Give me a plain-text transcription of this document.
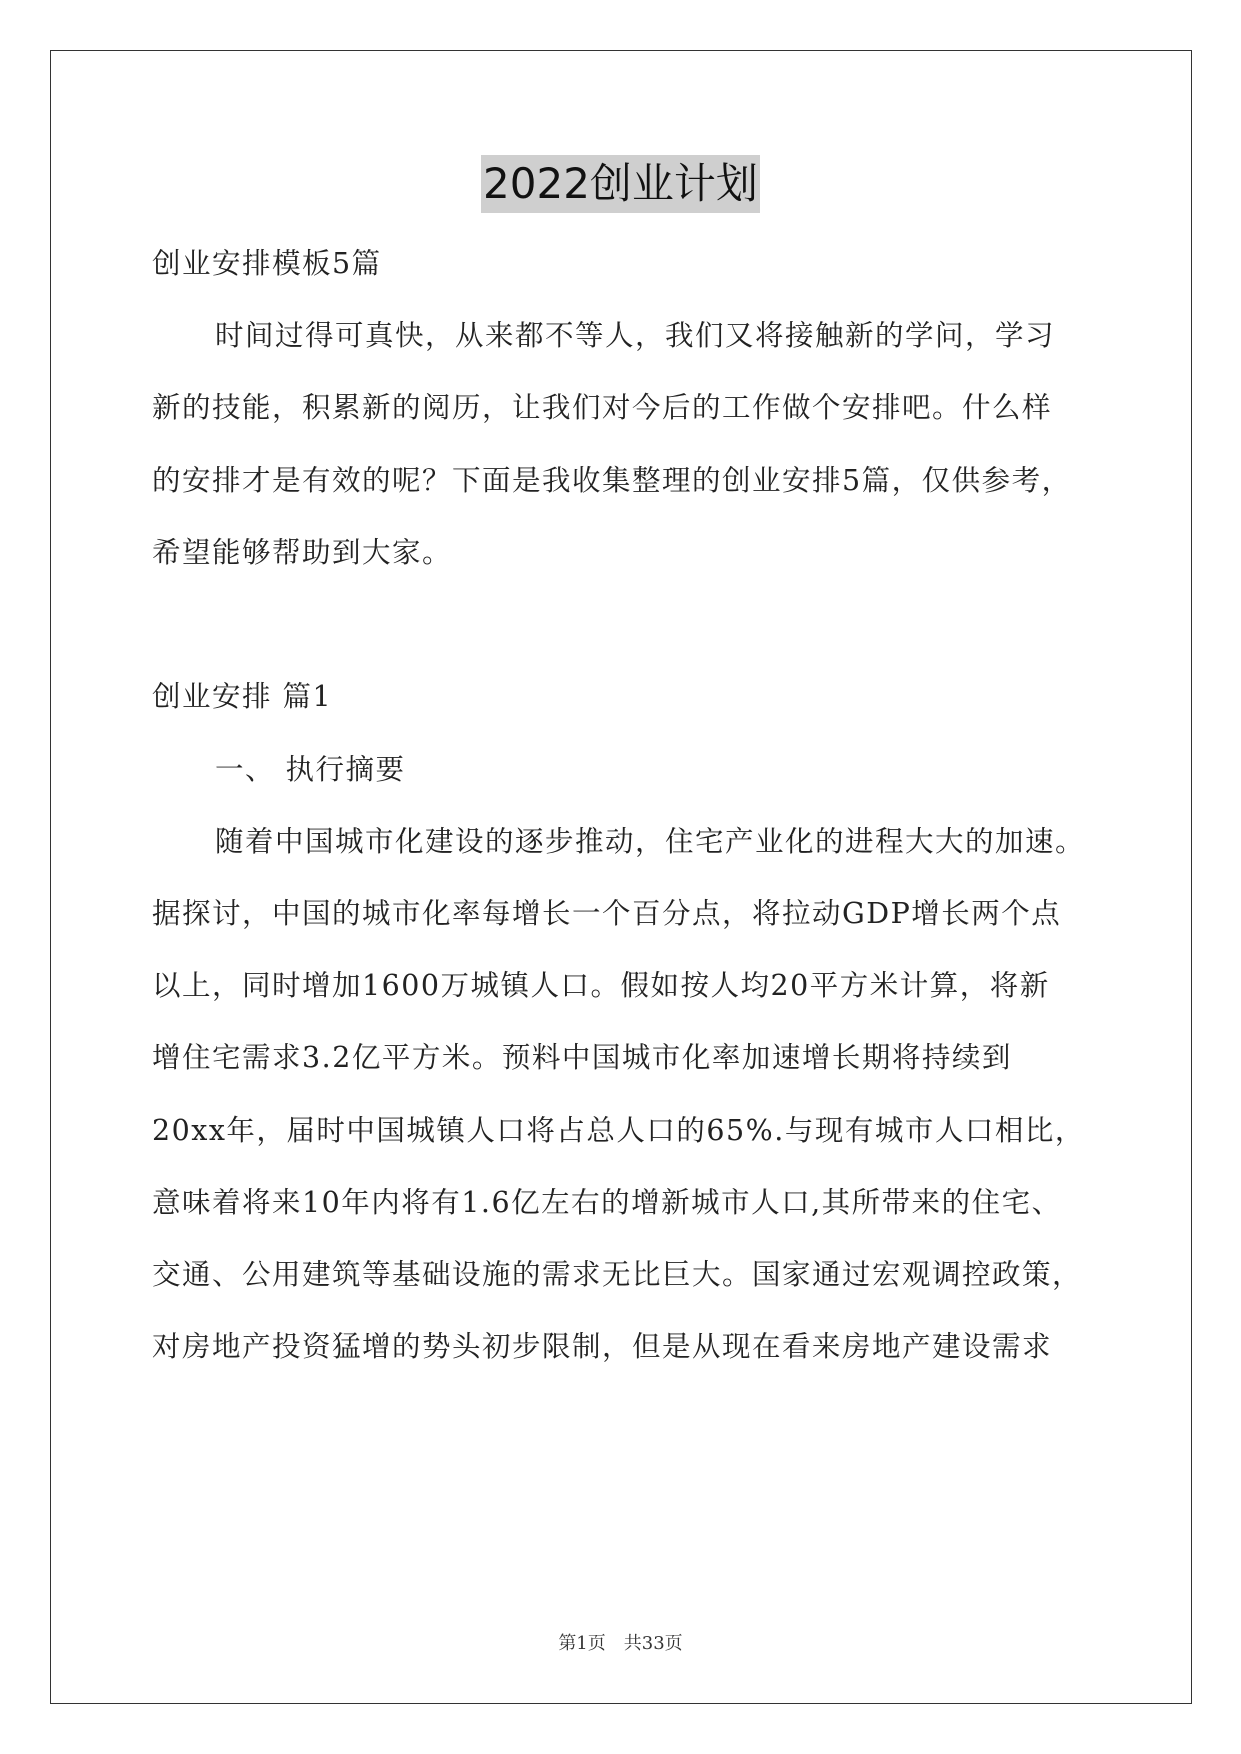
2022创业计划
创业安排模板5篇
时间过得可真快，从来都不等人，我们又将接触新的学问，学习
新的技能，积累新的阅历，让我们对今后的工作做个安排吧。什么样
的安排才是有效的呢？下面是我收集整理的创业安排5篇，仅供参考，
希望能够帮助到大家。
创业安排 篇1
一、 执行摘要
随着中国城市化建设的逐步推动，住宅产业化的进程大大的加速。
据探讨，中国的城市化率每增长一个百分点，将拉动GDP增长两个点
以上，同时增加1600万城镇人口。假如按人均20平方米计算，将新
增住宅需求3.2亿平方米。预料中国城市化率加速增长期将持续到
20xx年，届时中国城镇人口将占总人口的65%.与现有城市人口相比，
意味着将来10年内将有1.6亿左右的增新城市人口,其所带来的住宅、
交通、公用建筑等基础设施的需求无比巨大。国家通过宏观调控政策，
对房地产投资猛增的势头初步限制，但是从现在看来房地产建设需求
第1页 共33页
